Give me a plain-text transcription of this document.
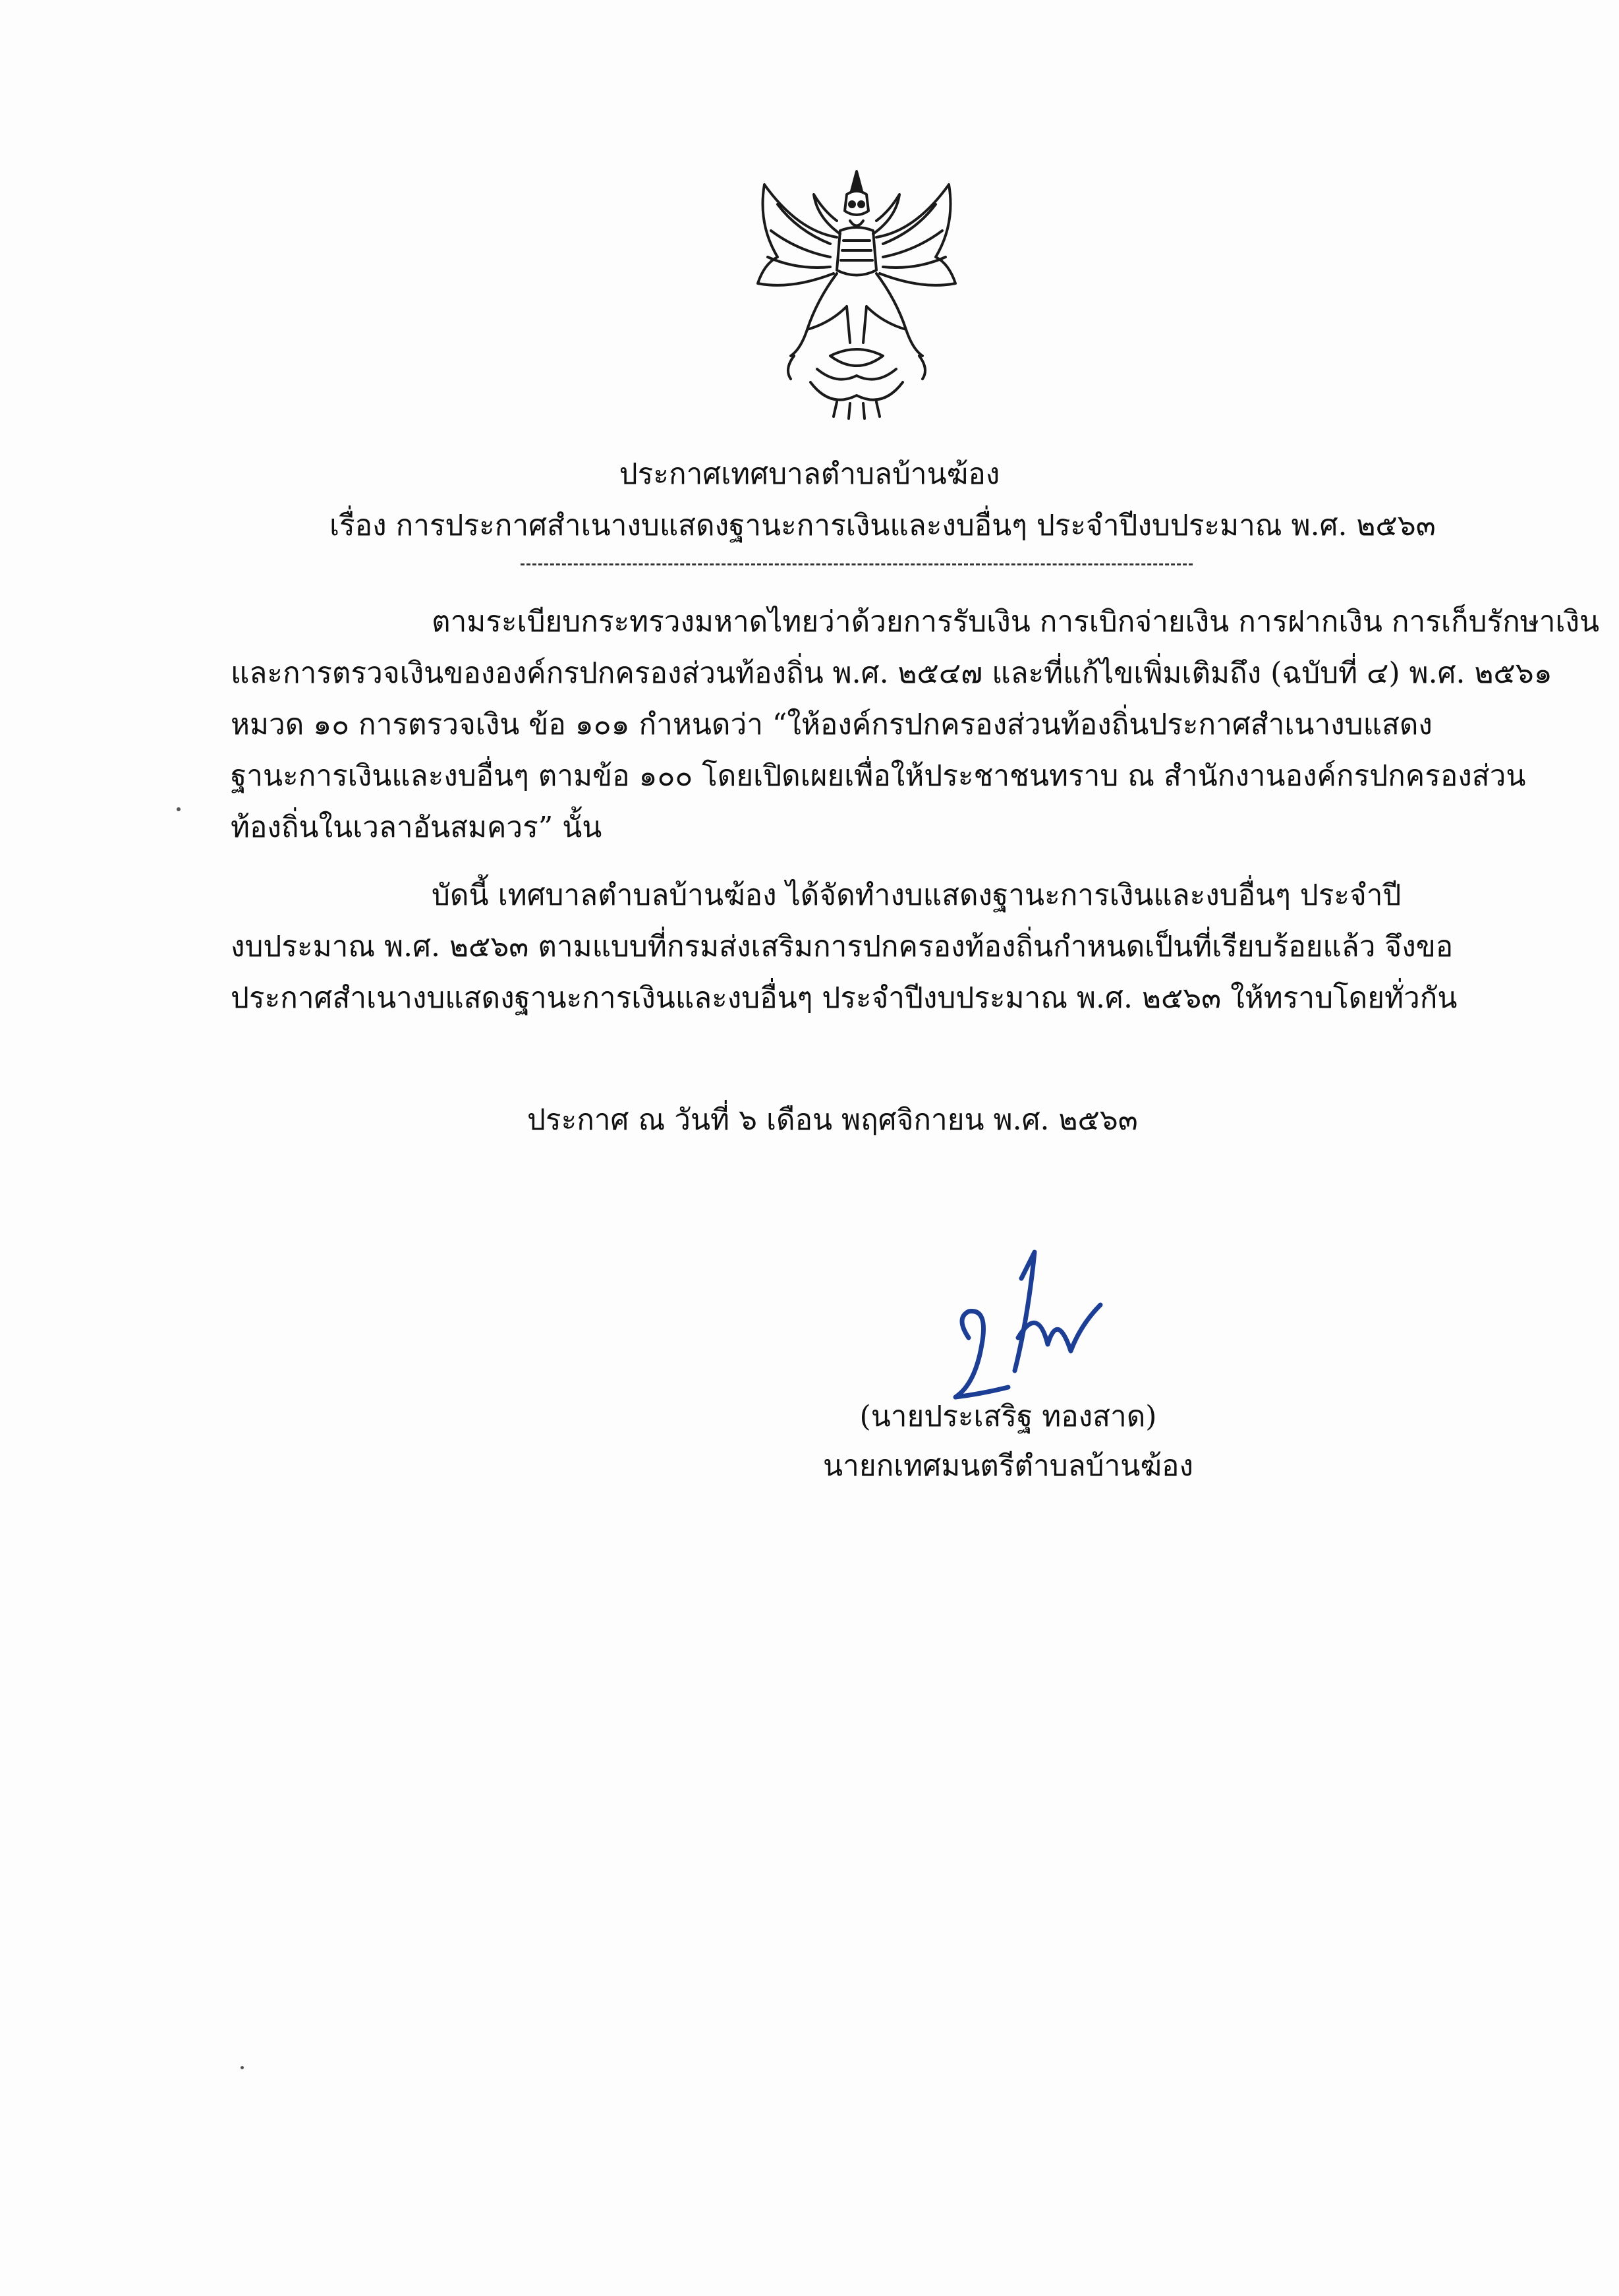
ประกาศเทศบาลตำบลบ้านฆ้อง
เรื่อง การประกาศสำเนางบแสดงฐานะการเงินและงบอื่นๆ ประจำปีงบประมาณ พ.ศ. ๒๕๖๓
ตามระเบียบกระทรวงมหาดไทยว่าด้วยการรับเงิน การเบิกจ่ายเงิน การฝากเงิน การเก็บรักษาเงิน
และการตรวจเงินขององค์กรปกครองส่วนท้องถิ่น พ.ศ. ๒๕๔๗ และที่แก้ไขเพิ่มเติมถึง (ฉบับที่ ๔) พ.ศ. ๒๕๖๑
หมวด ๑๐ การตรวจเงิน ข้อ ๑๐๑ กำหนดว่า “ให้องค์กรปกครองส่วนท้องถิ่นประกาศสำเนางบแสดง
ฐานะการเงินและงบอื่นๆ ตามข้อ ๑๐๐ โดยเปิดเผยเพื่อให้ประชาชนทราบ ณ สำนักงานองค์กรปกครองส่วน
ท้องถิ่นในเวลาอันสมควร” นั้น
บัดนี้ เทศบาลตำบลบ้านฆ้อง ได้จัดทำงบแสดงฐานะการเงินและงบอื่นๆ ประจำปี
งบประมาณ พ.ศ. ๒๕๖๓ ตามแบบที่กรมส่งเสริมการปกครองท้องถิ่นกำหนดเป็นที่เรียบร้อยแล้ว จึงขอ
ประกาศสำเนางบแสดงฐานะการเงินและงบอื่นๆ ประจำปีงบประมาณ พ.ศ. ๒๕๖๓ ให้ทราบโดยทั่วกัน
ประกาศ ณ วันที่ ๖ เดือน พฤศจิกายน พ.ศ. ๒๕๖๓
(นายประเสริฐ ทองสาด)
นายกเทศมนตรีตำบลบ้านฆ้อง
